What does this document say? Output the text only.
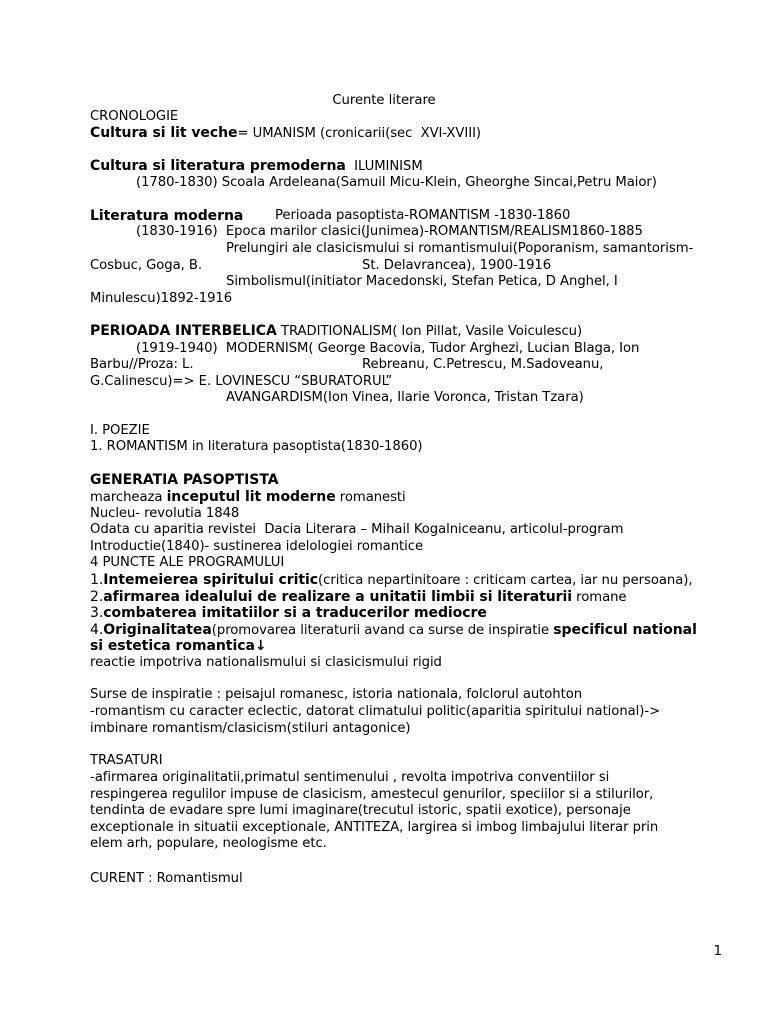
Curente literare
CRONOLOGIE
Cultura si lit veche= UMANISM (cronicarii(sec  XVI-XVIII)
Cultura si literatura premoderna  ILUMINISM
(1780-1830) Scoala Ardeleana(Samuil Micu-Klein, Gheorghe Sincai,Petru Maior)
Literatura moderna Perioada pasoptista-ROMANTISM -1830-1860
(1830-1916)  Epoca marilor clasici(Junimea)-ROMANTISM/REALISM1860-1885
Prelungiri ale clasicismului si romantismului(Poporanism, samantorism-
Cosbuc, Goga, B.	St. Delavrancea), 1900-1916
Simbolismul(initiator Macedonski, Stefan Petica, D Anghel, I
Minulescu)1892-1916
PERIOADA INTERBELICA TRADITIONALISM( Ion Pillat, Vasile Voiculescu)
(1919-1940)  MODERNISM( George Bacovia, Tudor Arghezi, Lucian Blaga, Ion
Barbu//Proza: L.	Rebreanu, C.Petrescu, M.Sadoveanu,
G.Calinescu)=> E. LOVINESCU “SBURATORUL”
AVANGARDISM(Ion Vinea, Ilarie Voronca, Tristan Tzara)
I. POEZIE
1. ROMANTISM in literatura pasoptista(1830-1860)
GENERATIA PASOPTISTA
marcheaza inceputul lit moderne romanesti
Nucleu- revolutia 1848
Odata cu aparitia revistei  Dacia Literara – Mihail Kogalniceanu, articolul-program
Introductie(1840)- sustinerea idelologiei romantice
4 PUNCTE ALE PROGRAMULUI
1.Intemeierea spiritului critic(critica nepartinitoare : criticam cartea, iar nu persoana),
2.afirmarea idealului de realizare a unitatii limbii si literaturii romane
3.combaterea imitatiilor si a traducerilor mediocre
4.Originalitatea(promovarea literaturii avand ca surse de inspiratie specificul national
si estetica romantica↓
reactie impotriva nationalismului si clasicismului rigid
Surse de inspiratie : peisajul romanesc, istoria nationala, folclorul autohton
-romantism cu caracter eclectic, datorat climatului politic(aparitia spiritului national)->
imbinare romantism/clasicism(stiluri antagonice)
TRASATURI
-afirmarea originalitatii,primatul sentimenului , revolta impotriva conventiilor si
respingerea regulilor impuse de clasicism, amestecul genurilor, speciilor si a stilurilor,
tendinta de evadare spre lumi imaginare(trecutul istoric, spatii exotice), personaje
exceptionale in situatii exceptionale, ANTITEZA, largirea si imbog limbajului literar prin
elem arh, populare, neologisme etc.
CURENT : Romantismul
1
